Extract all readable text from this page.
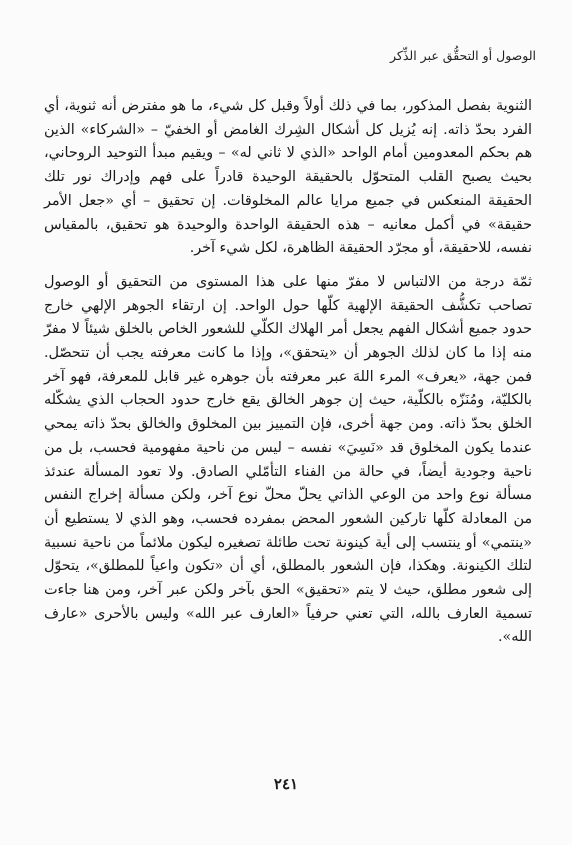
الوصول أو التحقُّق عبر الذِّكر

الثنوية بفصل المذكور، بما في ذلك أولاً وقبل كل شيء، ما هو مفترض أنه ثنوية، أي الفرد بحدّ ذاته. إنه يُزيل كل أشكال الشِرك الغامض أو الخفيّ – «الشركاء» الذين هم بحكم المعدومين أمام الواحد «الذي لا ثاني له» – ويقيم مبدأ التوحيد الروحاني، بحيث يصبح القلب المتحوّل بالحقيقة الوحيدة قادراً على فهم وإدراك نور تلك الحقيقة المنعكس في جميع مرايا عالم المخلوقات. إن تحقيق – أي «جعل الأمر حقيقة» في أكمل معانيه – هذه الحقيقة الواحدة والوحيدة هو تحقيق، بالمقياس نفسه، للاحقيقة، أو مجرّد الحقيقة الظاهرة، لكل شيء آخر.

ثمّة درجة من الالتباس لا مفرّ منها على هذا المستوى من التحقيق أو الوصول تصاحب تكشُّف الحقيقة الإلهية كلّها حول الواحد. إن ارتقاء الجوهر الإلهي خارج حدود جميع أشكال الفهم يجعل أمر الهلاك الكلّي للشعور الخاص بالخلق شيئاً لا مفرّ منه إذا ما كان لذلك الجوهر أن «يتحقق»، وإذا ما كانت معرفته يجب أن تتحصّل. فمن جهة، «يعرف» المرء اللهَ عبر معرفته بأن جوهره غير قابل للمعرفة، فهو آخر بالكليّة، ومُنَزّه بالكلّية، حيث إن جوهر الخالق يقع خارج حدود الحجاب الذي يشكّله الخلق بحدّ ذاته. ومن جهة أخرى، فإن التمييز بين المخلوق والخالق بحدّ ذاته يمحي عندما يكون المخلوق قد «نَسِيَ» نفسه – ليس من ناحية مفهومية فحسب، بل من ناحية وجودية أيضاً، في حالة من الفناء التأمّلي الصادق. ولا تعود المسألة عندئذ مسألة نوع واحد من الوعي الذاتي يحلّ محلّ نوع آخر، ولكن مسألة إخراج النفس من المعادلة كلّها تاركين الشعور المحض بمفرده فحسب، وهو الذي لا يستطيع أن «ينتمي» أو ينتسب إلى أية كينونة تحت طائلة تصغيره ليكون ملائماً من ناحية نسبية لتلك الكينونة. وهكذا، فإن الشعور بالمطلق، أي أن «تكون واعياً للمطلق»، يتحوّل إلى شعور مطلق، حيث لا يتم «تحقيق» الحق بآخر ولكن عبر آخر، ومن هنا جاءت تسمية العارف بالله، التي تعني حرفياً «العارف عبر الله» وليس بالأحرى «عارف الله».

٢٤١
